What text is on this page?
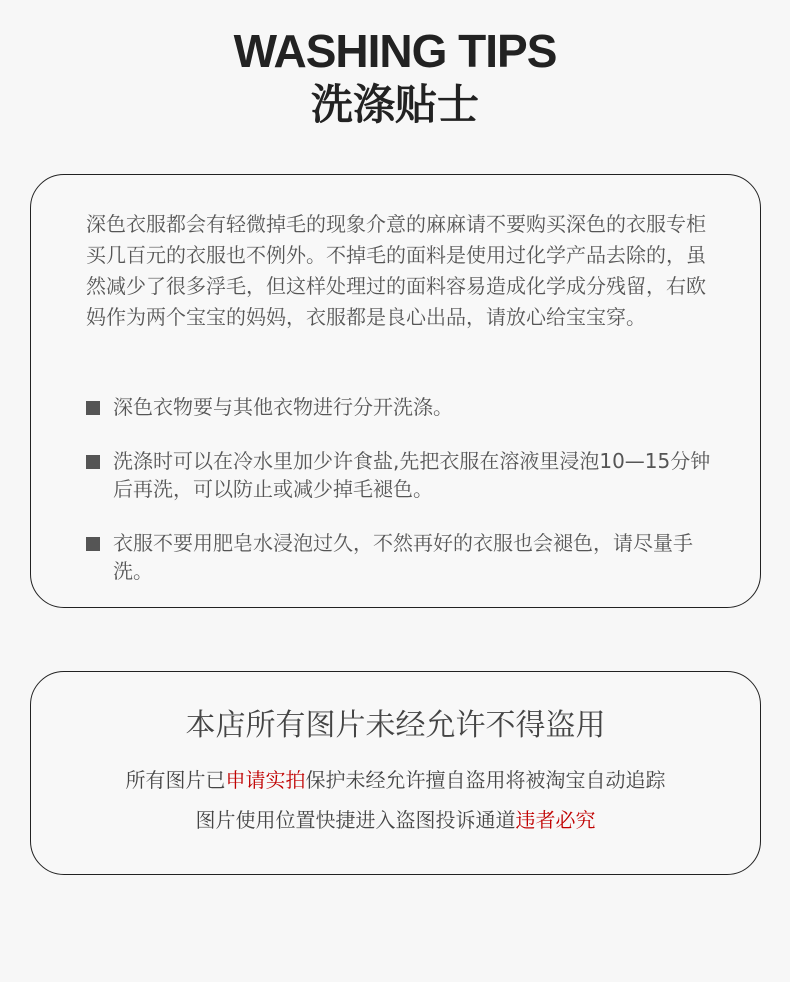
WASHING TIPS
洗涤贴士

深色衣服都会有轻微掉毛的现象介意的麻麻请不要购买深色的衣服专柜买几百元的衣服也不例外。不掉毛的面料是使用过化学产品去除的，虽然减少了很多浮毛，但这样处理过的面料容易造成化学成分残留，右欧妈作为两个宝宝的妈妈，衣服都是良心出品，请放心给宝宝穿。

深色衣物要与其他衣物进行分开洗涤。
洗涤时可以在冷水里加少许食盐,先把衣服在溶液里浸泡10—15分钟后再洗，可以防止或减少掉毛褪色。
衣服不要用肥皂水浸泡过久，不然再好的衣服也会褪色，请尽量手洗。
本店所有图片未经允许不得盗用
所有图片已申请实拍保护未经允许擅自盗用将被淘宝自动追踪
图片使用位置快捷进入盗图投诉通道违者必究
